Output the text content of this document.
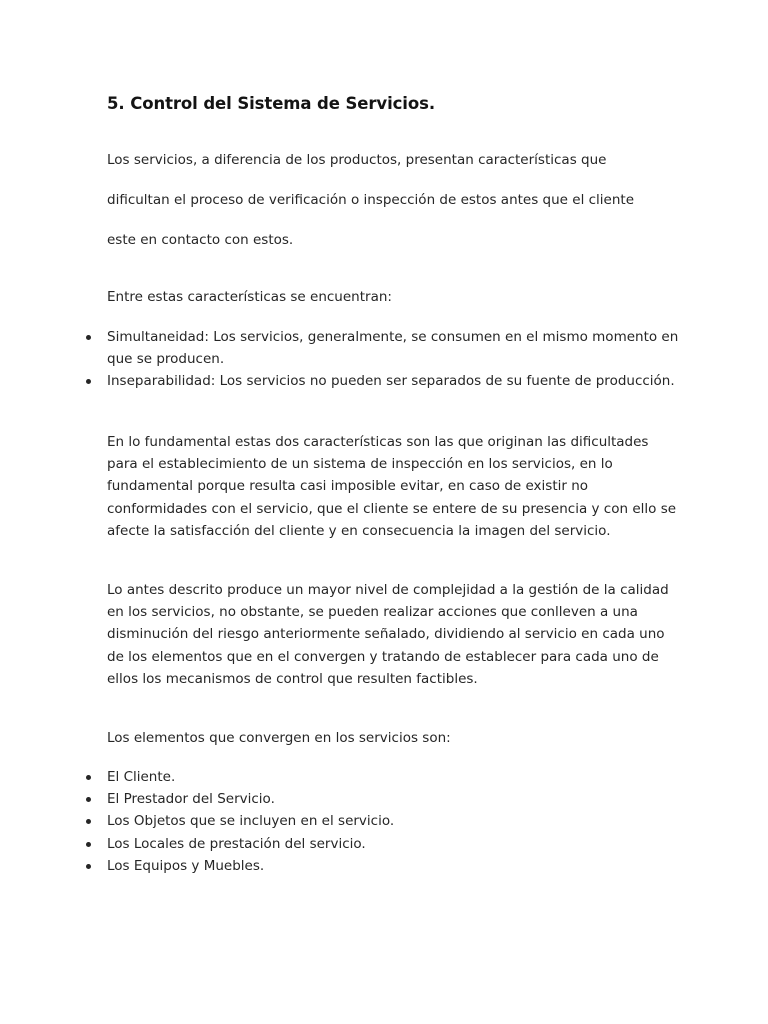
5. Control del Sistema de Servicios.
Los servicios, a diferencia de los productos, presentan características que
dificultan el proceso de verificación o inspección de estos antes que el cliente
este en contacto con estos.
Entre estas características se encuentran:
Simultaneidad: Los servicios, generalmente, se consumen en el mismo momento en que se producen.
Inseparabilidad: Los servicios no pueden ser separados de su fuente de producción.
En lo fundamental estas dos características son las que originan las dificultades para el establecimiento de un sistema de inspección en los servicios, en lo fundamental porque resulta casi imposible evitar, en caso de existir no conformidades con el servicio, que el cliente se entere de su presencia y con ello se afecte la satisfacción del cliente y en consecuencia la imagen del servicio.
Lo antes descrito produce un mayor nivel de complejidad a la gestión de la calidad en los servicios, no obstante, se pueden realizar acciones que conlleven a una disminución del riesgo anteriormente señalado, dividiendo al servicio en cada uno de los elementos que en el convergen y tratando de establecer para cada uno de ellos los mecanismos de control que resulten factibles.
Los elementos que convergen en los servicios son:
El Cliente.
El Prestador del Servicio.
Los Objetos que se incluyen en el servicio.
Los Locales de prestación del servicio.
Los Equipos y Muebles.
